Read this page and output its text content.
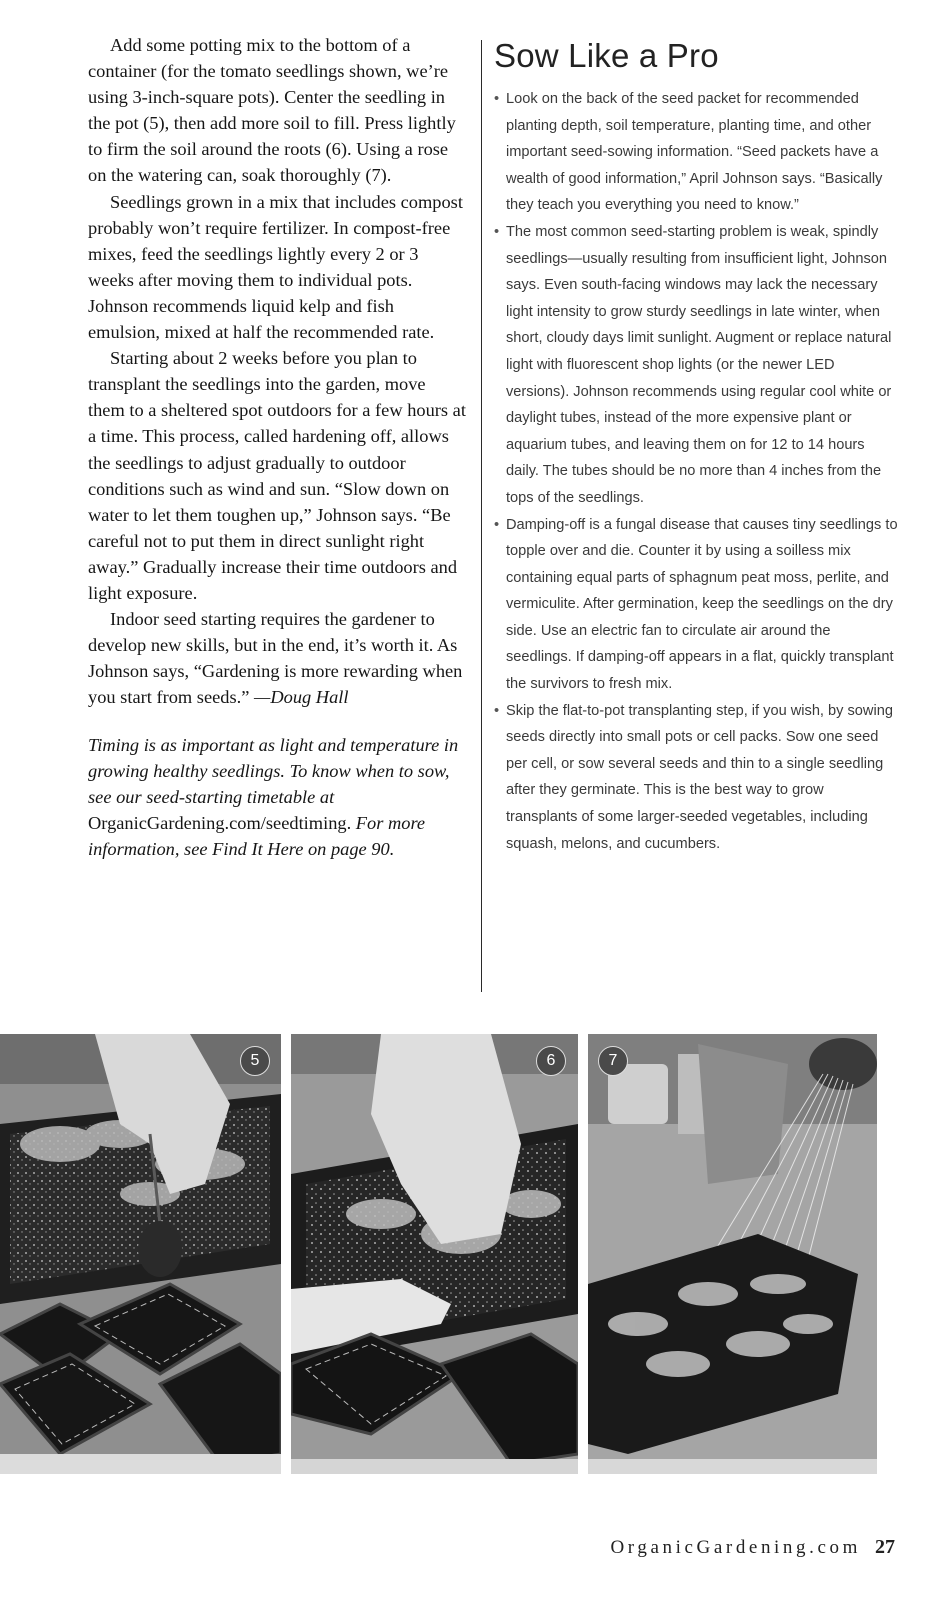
Add some potting mix to the bottom of a container (for the tomato seedlings shown, we’re using 3-inch-square pots). Center the seedling in the pot (5), then add more soil to fill. Press lightly to firm the soil around the roots (6). Using a rose on the watering can, soak thoroughly (7).

Seedlings grown in a mix that includes compost probably won’t require fertilizer. In compost-free mixes, feed the seedlings lightly every 2 or 3 weeks after moving them to individual pots. Johnson recommends liquid kelp and fish emulsion, mixed at half the recommended rate.

Starting about 2 weeks before you plan to transplant the seedlings into the garden, move them to a sheltered spot outdoors for a few hours at a time. This process, called hardening off, allows the seedlings to adjust gradually to outdoor conditions such as wind and sun. “Slow down on water to let them toughen up,” Johnson says. “Be careful not to put them in direct sunlight right away.” Gradually increase their time outdoors and light exposure.

Indoor seed starting requires the gardener to develop new skills, but in the end, it’s worth it. As Johnson says, “Gardening is more rewarding when you start from seeds.” —Doug Hall

Timing is as important as light and temperature in growing healthy seedlings. To know when to sow, see our seed-starting timetable at OrganicGardening.com/seedtiming. For more information, see Find It Here on page 90.

Sow Like a Pro
• Look on the back of the seed packet for recommended planting depth, soil temperature, planting time, and other important seed-sowing information. “Seed packets have a wealth of good information,” April Johnson says. “Basically they teach you everything you need to know.”
• The most common seed-starting problem is weak, spindly seedlings—usually resulting from insufficient light, Johnson says. Even south-facing windows may lack the necessary light intensity to grow sturdy seedlings in late winter, when short, cloudy days limit sunlight. Augment or replace natural light with fluorescent shop lights (or the newer LED versions). Johnson recommends using regular cool white or daylight tubes, instead of the more expensive plant or aquarium tubes, and leaving them on for 12 to 14 hours daily. The tubes should be no more than 4 inches from the tops of the seedlings.
• Damping-off is a fungal disease that causes tiny seedlings to topple over and die. Counter it by using a soilless mix containing equal parts of sphagnum peat moss, perlite, and vermiculite. After germination, keep the seedlings on the dry side. Use an electric fan to circulate air around the seedlings. If damping-off appears in a flat, quickly transplant the survivors to fresh mix.
• Skip the flat-to-pot transplanting step, if you wish, by sowing seeds directly into small pots or cell packs. Sow one seed per cell, or sow several seeds and thin to a single seedling after they germinate. This is the best way to grow transplants of some larger-seeded vegetables, including squash, melons, and cucumbers.
5	6	7
OrganicGardening.com 27
